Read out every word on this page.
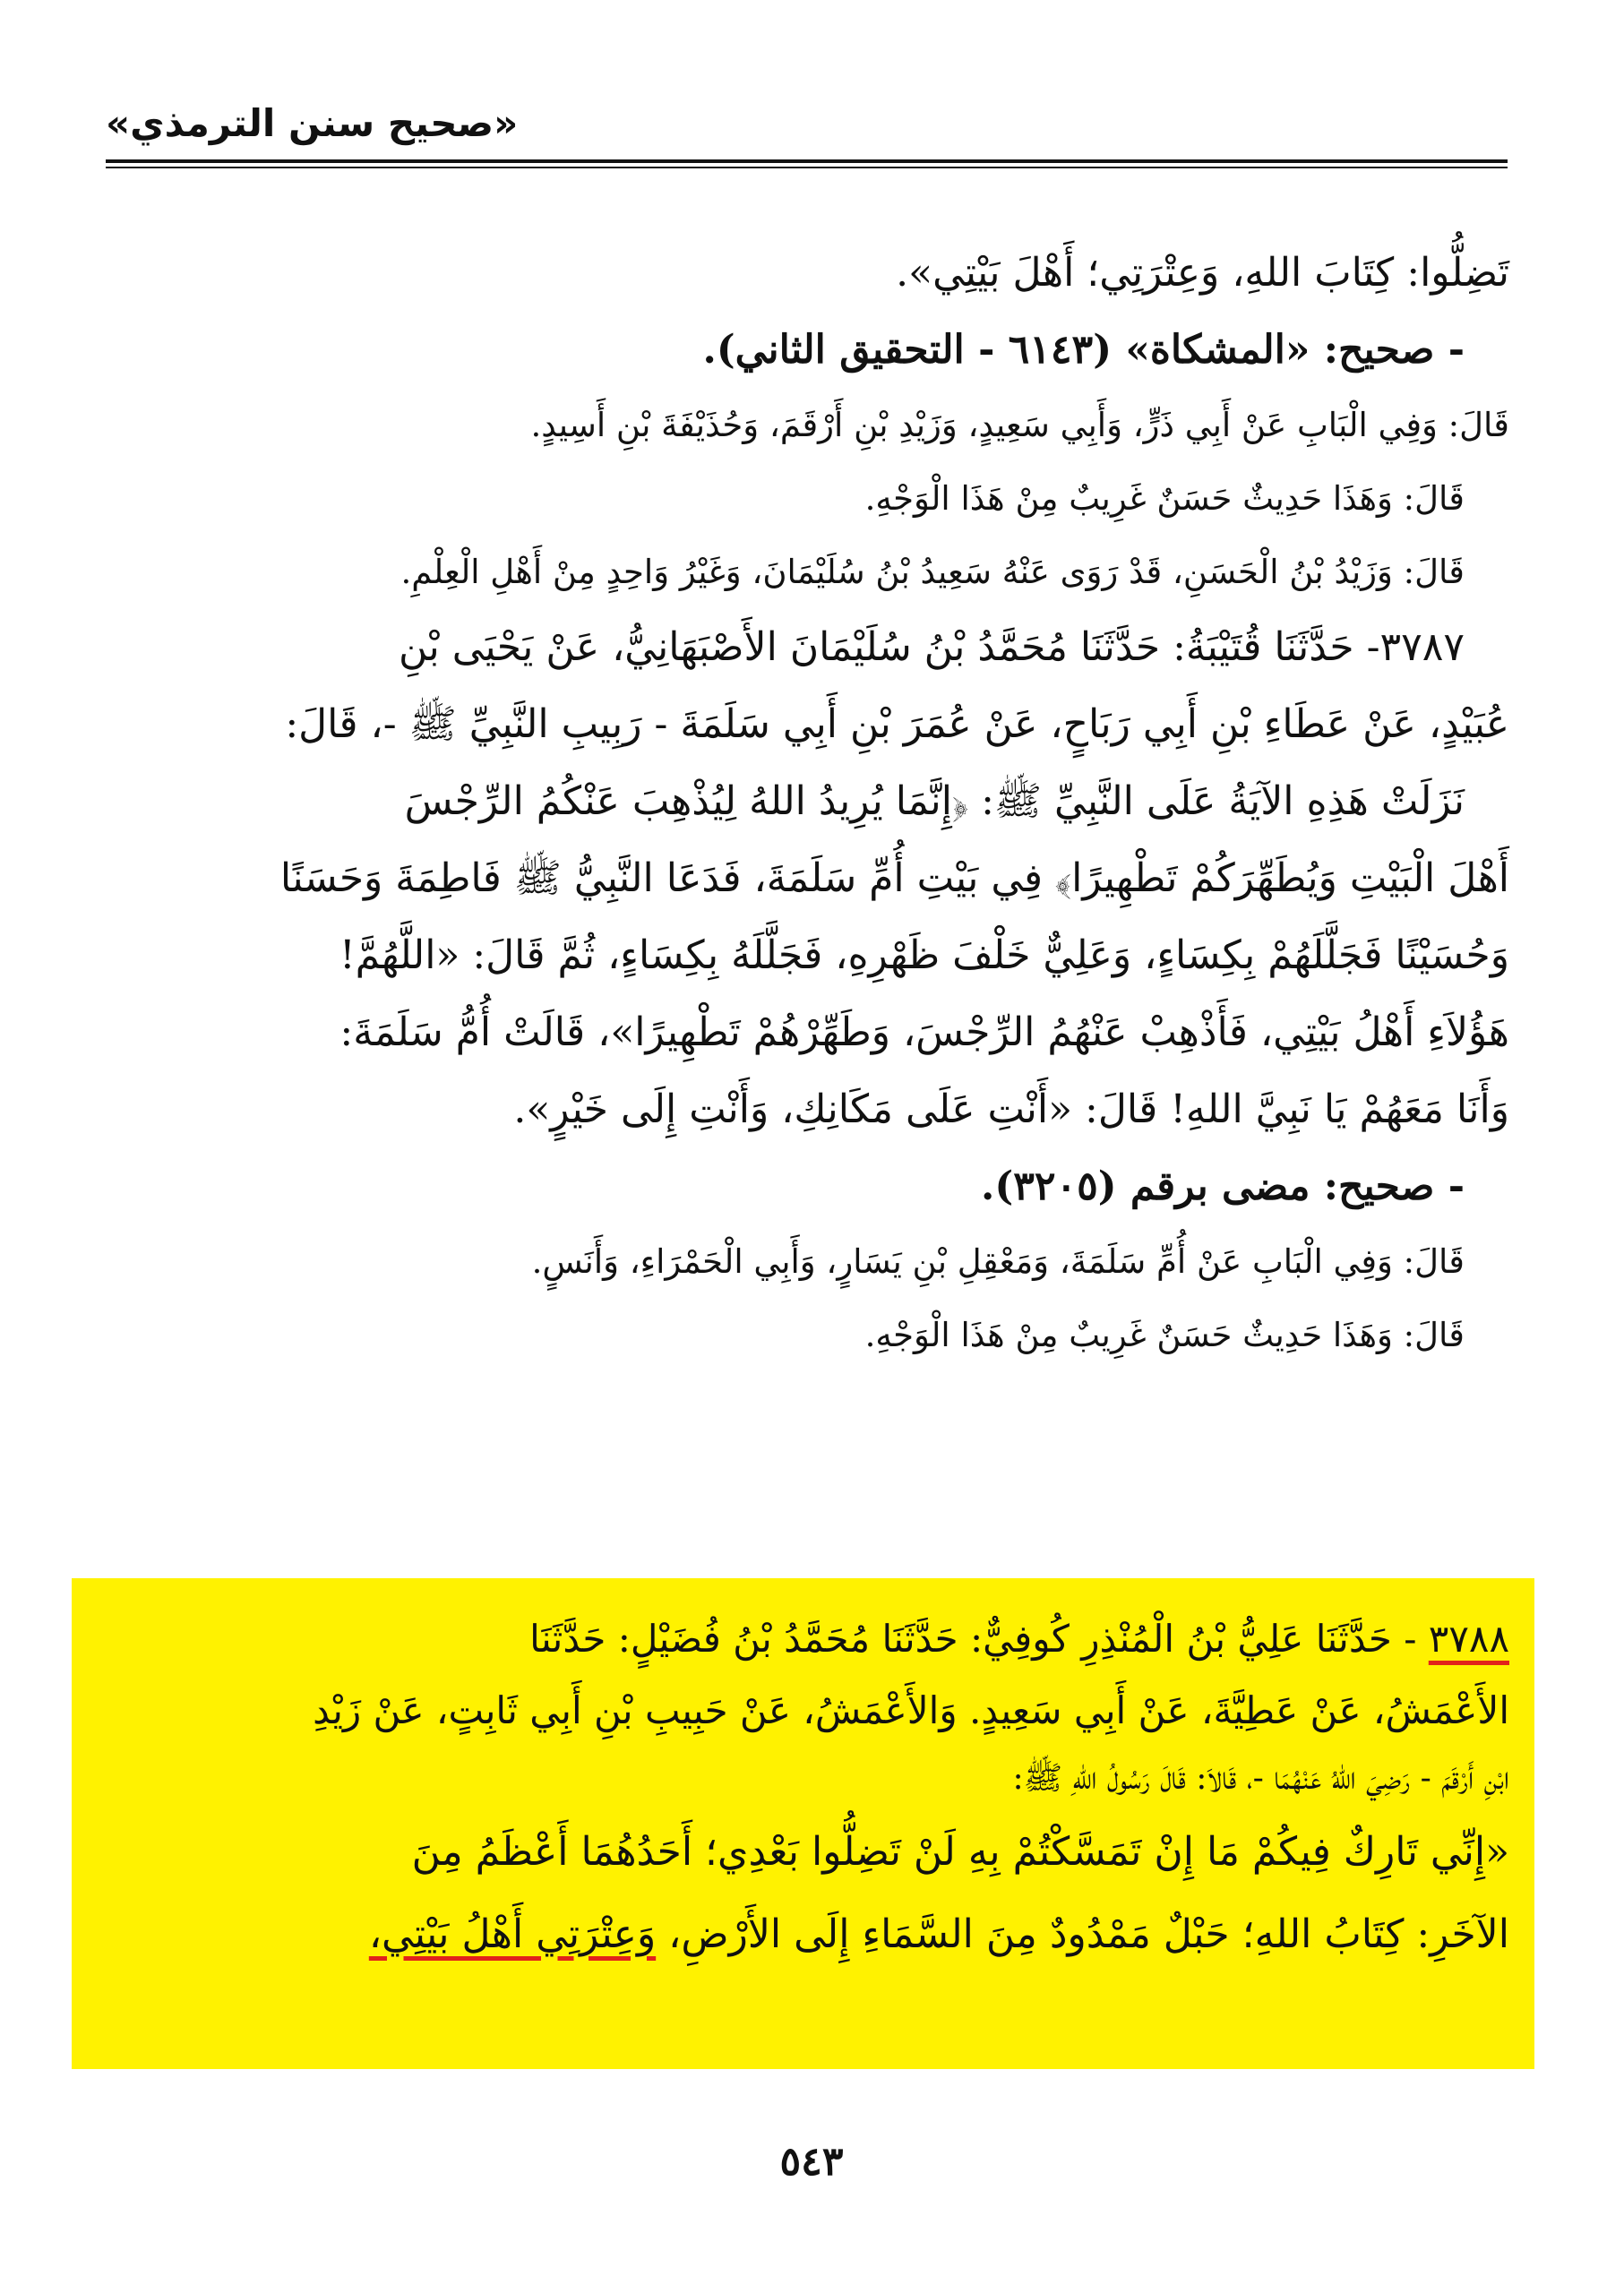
«صحيح سنن الترمذي»

تَضِلُّوا: كِتَابَ اللهِ، وَعِتْرَتِي؛ أَهْلَ بَيْتِي».

- صحيح: «المشكاة» (٦١٤٣ - التحقيق الثاني).

قَالَ: وَفِي الْبَابِ عَنْ أَبِي ذَرٍّ، وَأَبِي سَعِيدٍ، وَزَيْدِ بْنِ أَرْقَمَ، وَحُذَيْفَةَ بْنِ أَسِيدٍ.

قَالَ: وَهَذَا حَدِيثٌ حَسَنٌ غَرِيبٌ مِنْ هَذَا الْوَجْهِ.

قَالَ: وَزَيْدُ بْنُ الْحَسَنِ، قَدْ رَوَى عَنْهُ سَعِيدُ بْنُ سُلَيْمَانَ، وَغَيْرُ وَاحِدٍ مِنْ أَهْلِ الْعِلْمِ.

٣٧٨٧- حَدَّثَنَا قُتَيْبَةُ: حَدَّثَنَا مُحَمَّدُ بْنُ سُلَيْمَانَ الأَصْبَهَانِيُّ، عَنْ يَحْيَى بْنِ

عُبَيْدٍ، عَنْ عَطَاءِ بْنِ أَبِي رَبَاحٍ، عَنْ عُمَرَ بْنِ أَبِي سَلَمَةَ - رَبِيبِ النَّبِيِّ ﷺ -، قَالَ:

نَزَلَتْ هَذِهِ الآيَةُ عَلَى النَّبِيِّ ﷺ: ﴿إِنَّمَا يُرِيدُ اللهُ لِيُذْهِبَ عَنْكُمُ الرِّجْسَ

أَهْلَ الْبَيْتِ وَيُطَهِّرَكُمْ تَطْهِيرًا﴾ فِي بَيْتِ أُمِّ سَلَمَةَ، فَدَعَا النَّبِيُّ ﷺ فَاطِمَةَ وَحَسَنًا

وَحُسَيْنًا فَجَلَّلَهُمْ بِكِسَاءٍ، وَعَلِيٌّ خَلْفَ ظَهْرِهِ، فَجَلَّلَهُ بِكِسَاءٍ، ثُمَّ قَالَ: «اللَّهُمَّ!

هَؤُلاَءِ أَهْلُ بَيْتِي، فَأَذْهِبْ عَنْهُمُ الرِّجْسَ، وَطَهِّرْهُمْ تَطْهِيرًا»، قَالَتْ أُمُّ سَلَمَةَ:

وَأَنَا مَعَهُمْ يَا نَبِيَّ اللهِ! قَالَ: «أَنْتِ عَلَى مَكَانِكِ، وَأَنْتِ إِلَى خَيْرٍ».

- صحيح: مضى برقم (٣٢٠٥).

قَالَ: وَفِي الْبَابِ عَنْ أُمِّ سَلَمَةَ، وَمَعْقِلِ بْنِ يَسَارٍ، وَأَبِي الْحَمْرَاءِ، وَأَنَسٍ.

قَالَ: وَهَذَا حَدِيثٌ حَسَنٌ غَرِيبٌ مِنْ هَذَا الْوَجْهِ.

٣٧٨٨ - حَدَّثَنَا عَلِيُّ بْنُ الْمُنْذِرِ كُوفِيٌّ: حَدَّثَنَا مُحَمَّدُ بْنُ فُضَيْلٍ: حَدَّثَنَا

الأَعْمَشُ، عَنْ عَطِيَّةَ، عَنْ أَبِي سَعِيدٍ. وَالأَعْمَشُ، عَنْ حَبِيبِ بْنِ أَبِي ثَابِتٍ، عَنْ زَيْدِ

ابْنِ أَرْقَمَ - رَضِيَ اللهُ عَنْهُمَا -، قَالاَ: قَالَ رَسُولُ اللهِ ﷺ:

«إِنِّي تَارِكٌ فِيكُمْ مَا إِنْ تَمَسَّكْتُمْ بِهِ لَنْ تَضِلُّوا بَعْدِي؛ أَحَدُهُمَا أَعْظَمُ مِنَ

الآخَرِ: كِتَابُ اللهِ؛ حَبْلٌ مَمْدُودٌ مِنَ السَّمَاءِ إِلَى الأَرْضِ، وَعِتْرَتِي أَهْلُ بَيْتِي،

٥٤٣
